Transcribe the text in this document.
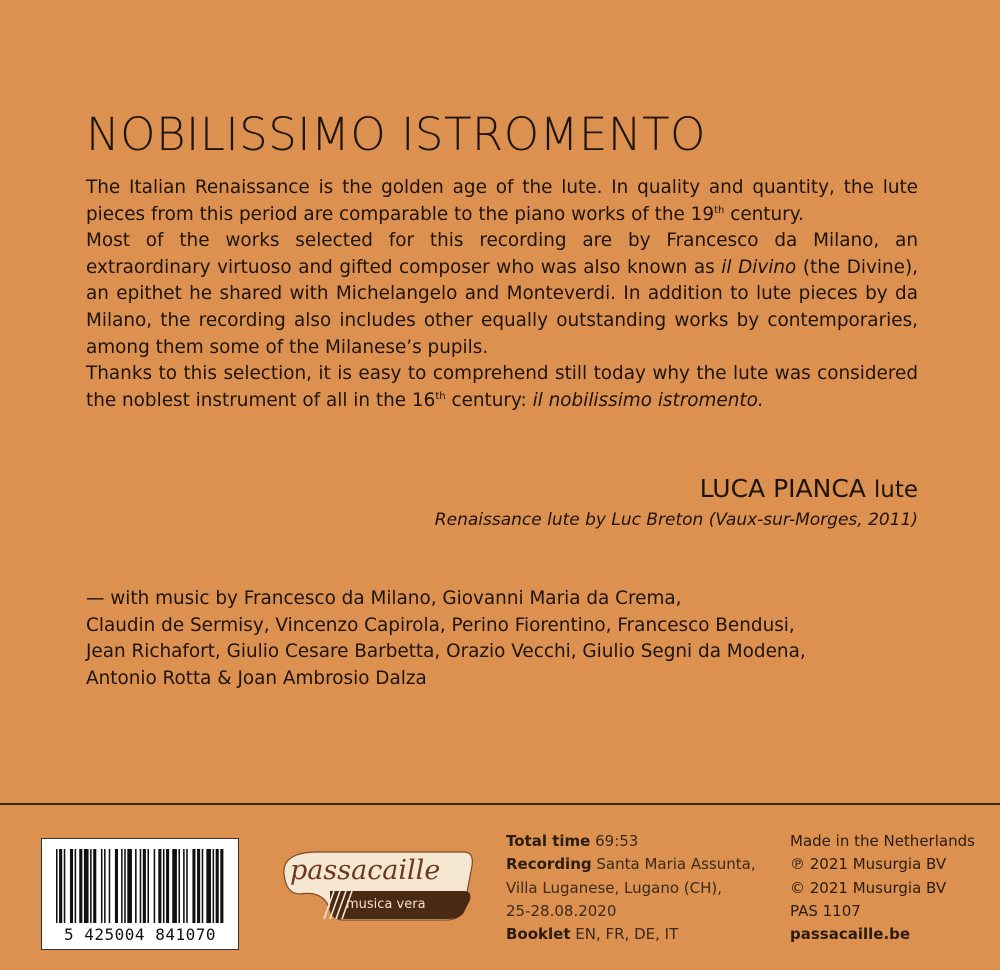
NOBILISSIMO ISTROMENTO

The Italian Renaissance is the golden age of the lute. In quality and quantity, the lute pieces from this period are comparable to the piano works of the 19th century.

Most of the works selected for this recording are by Francesco da Milano, an extraordinary virtuoso and gifted composer who was also known as il Divino (the Divine), an epithet he shared with Michelangelo and Monteverdi. In addition to lute pieces by da Milano, the recording also includes other equally outstanding works by contemporaries, among them some of the Milanese’s pupils.

Thanks to this selection, it is easy to comprehend still today why the lute was considered the noblest instrument of all in the 16th century: il nobilissimo istromento.

LUCA PIANCA lute
Renaissance lute by Luc Breton (Vaux-sur-Morges, 2011)
— with music by Francesco da Milano, Giovanni Maria da Crema,
Claudin de Sermisy, Vincenzo Capirola, Perino Fiorentino, Francesco Bendusi,
Jean Richafort, Giulio Cesare Barbetta, Orazio Vecchi, Giulio Segni da Modena,
Antonio Rotta & Joan Ambrosio Dalza
5 425004 841070
passacaille
musica vera
Total time 69:53
Recording Santa Maria Assunta,
Villa Luganese, Lugano (CH),
25-28.08.2020
Booklet EN, FR, DE, IT
Made in the Netherlands
℗ 2021 Musurgia BV
© 2021 Musurgia BV
PAS 1107
passacaille.be
